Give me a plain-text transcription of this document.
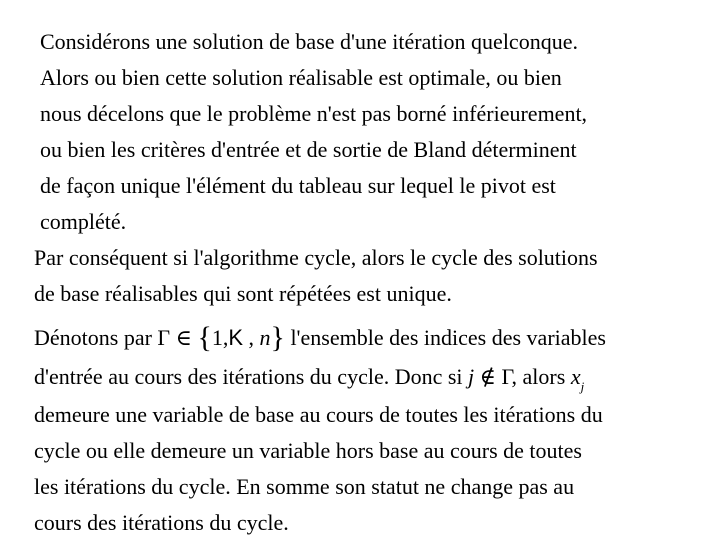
Considérons une solution de base d'une itération quelconque.
Alors ou bien cette solution réalisable est optimale, ou bien
nous décelons que le problème n'est pas borné inférieurement,
ou bien les critères d'entrée et de sortie de Bland déterminent
de façon unique l'élément du tableau sur lequel le pivot est
complété.
Par conséquent si l'algorithme cycle, alors le cycle des solutions
de base réalisables qui sont répétées est unique.
Dénotons par Γ ∈ {1,K , n} l'ensemble des indices des variables
d'entrée au cours des itérations du cycle. Donc si j ∉ Γ, alors $x_j$
demeure une variable de base au cours de toutes les itérations du
cycle ou elle demeure un variable hors base au cours de toutes
les itérations du cycle. En somme son statut ne change pas au
cours des itérations du cycle.
